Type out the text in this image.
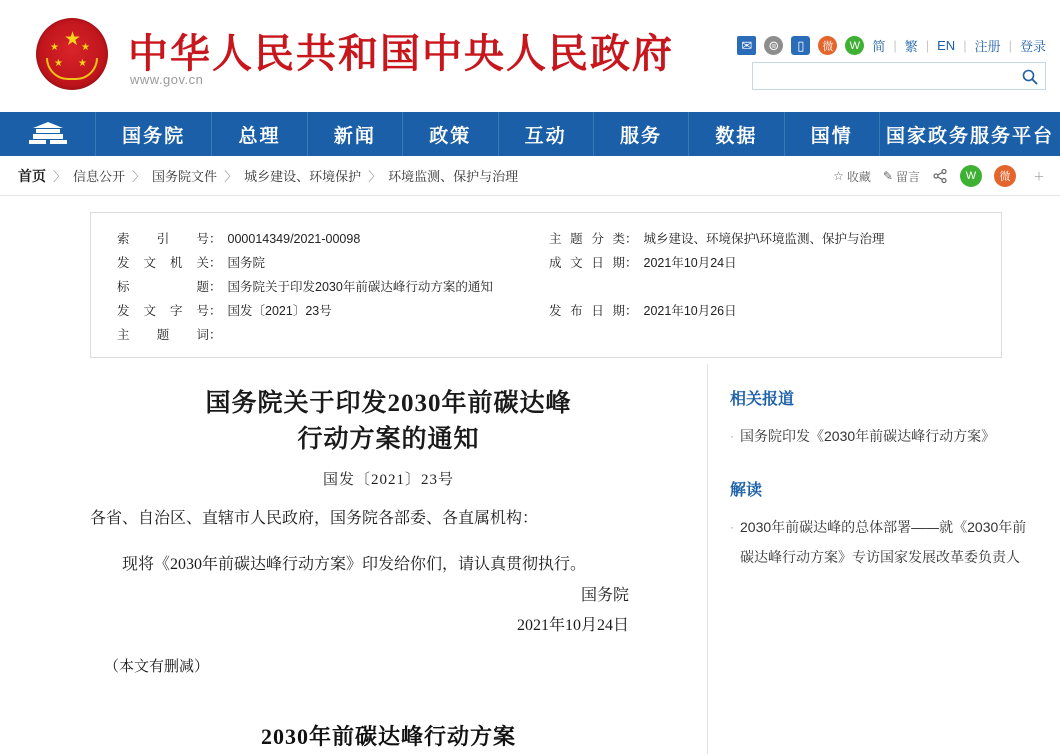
★
★ ★
★ ★ 中华人民共和国中央人民政府
www.gov.cn
✉	⊜	▯	微	W 简 | 繁 | EN | 注册 | 登录
国务院	总理	新闻	政策	互动	服务	数据	国情	国家政务服务平台
首页 〉 信息公开 〉 国务院文件 〉 城乡建设、环境保护 〉 环境监测、保护与治理	☆ 收藏 ✎ 留言	W	微	＋
索引号 ： 000014349/2021-00098	主题分类 ： 城乡建设、环境保护\环境监测、保护与治理
发文机关 ： 国务院	成文日期 ： 2021年10月24日
标　　题 ： 国务院关于印发2030年前碳达峰行动方案的通知
发文字号 ： 国发〔2021〕23号	发布日期 ： 2021年10月26日
主 题 词 ：
国务院关于印发2030年前碳达峰
行动方案的通知
国发〔2021〕23号
各省、自治区、直辖市人民政府，国务院各部委、各直属机构：
现将《2030年前碳达峰行动方案》印发给你们，请认真贯彻执行。
国务院
2021年10月24日
（本文有删减）
2030年前碳达峰行动方案
相关报道
· 国务院印发《2030年前碳达峰行动方案》
解读
· 2030年前碳达峰的总体部署——就《2030年前碳达峰行动方案》专访国家发展改革委负责人
